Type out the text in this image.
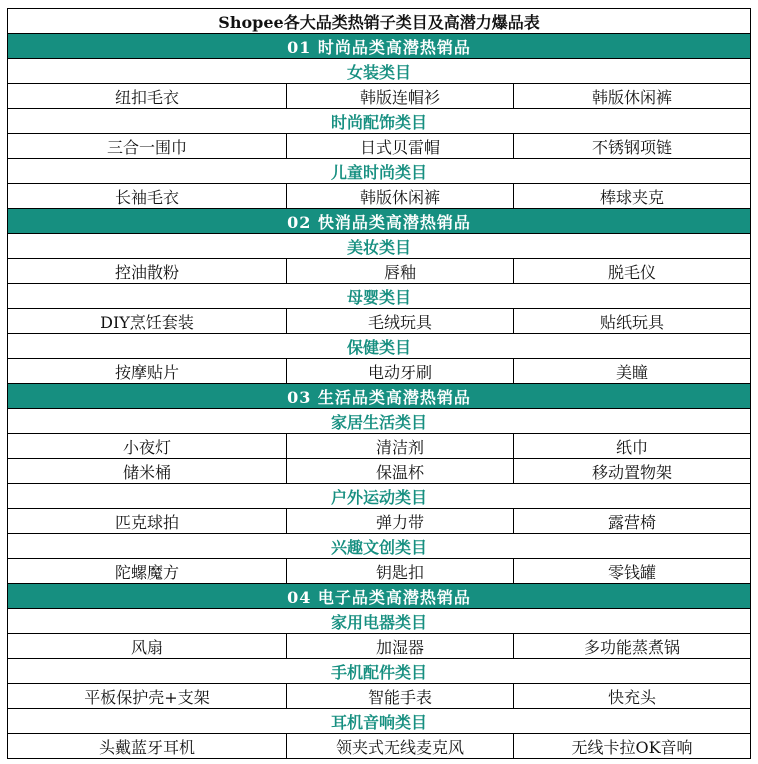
Shopee各大品类热销子类目及高潜力爆品表
01 时尚品类高潜热销品
女装类目
纽扣毛衣	韩版连帽衫	韩版休闲裤
时尚配饰类目
三合一围巾	日式贝雷帽	不锈钢项链
儿童时尚类目
长袖毛衣	韩版休闲裤	棒球夹克
02 快消品类高潜热销品
美妆类目
控油散粉	唇釉	脱毛仪
母婴类目
DIY烹饪套装	毛绒玩具	贴纸玩具
保健类目
按摩贴片	电动牙刷	美瞳
03 生活品类高潜热销品
家居生活类目
小夜灯	清洁剂	纸巾
储米桶	保温杯	移动置物架
户外运动类目
匹克球拍	弹力带	露营椅
兴趣文创类目
陀螺魔方	钥匙扣	零钱罐
04 电子品类高潜热销品
家用电器类目
风扇	加湿器	多功能蒸煮锅
手机配件类目
平板保护壳+支架	智能手表	快充头
耳机音响类目
头戴蓝牙耳机	领夹式无线麦克风	无线卡拉OK音响
